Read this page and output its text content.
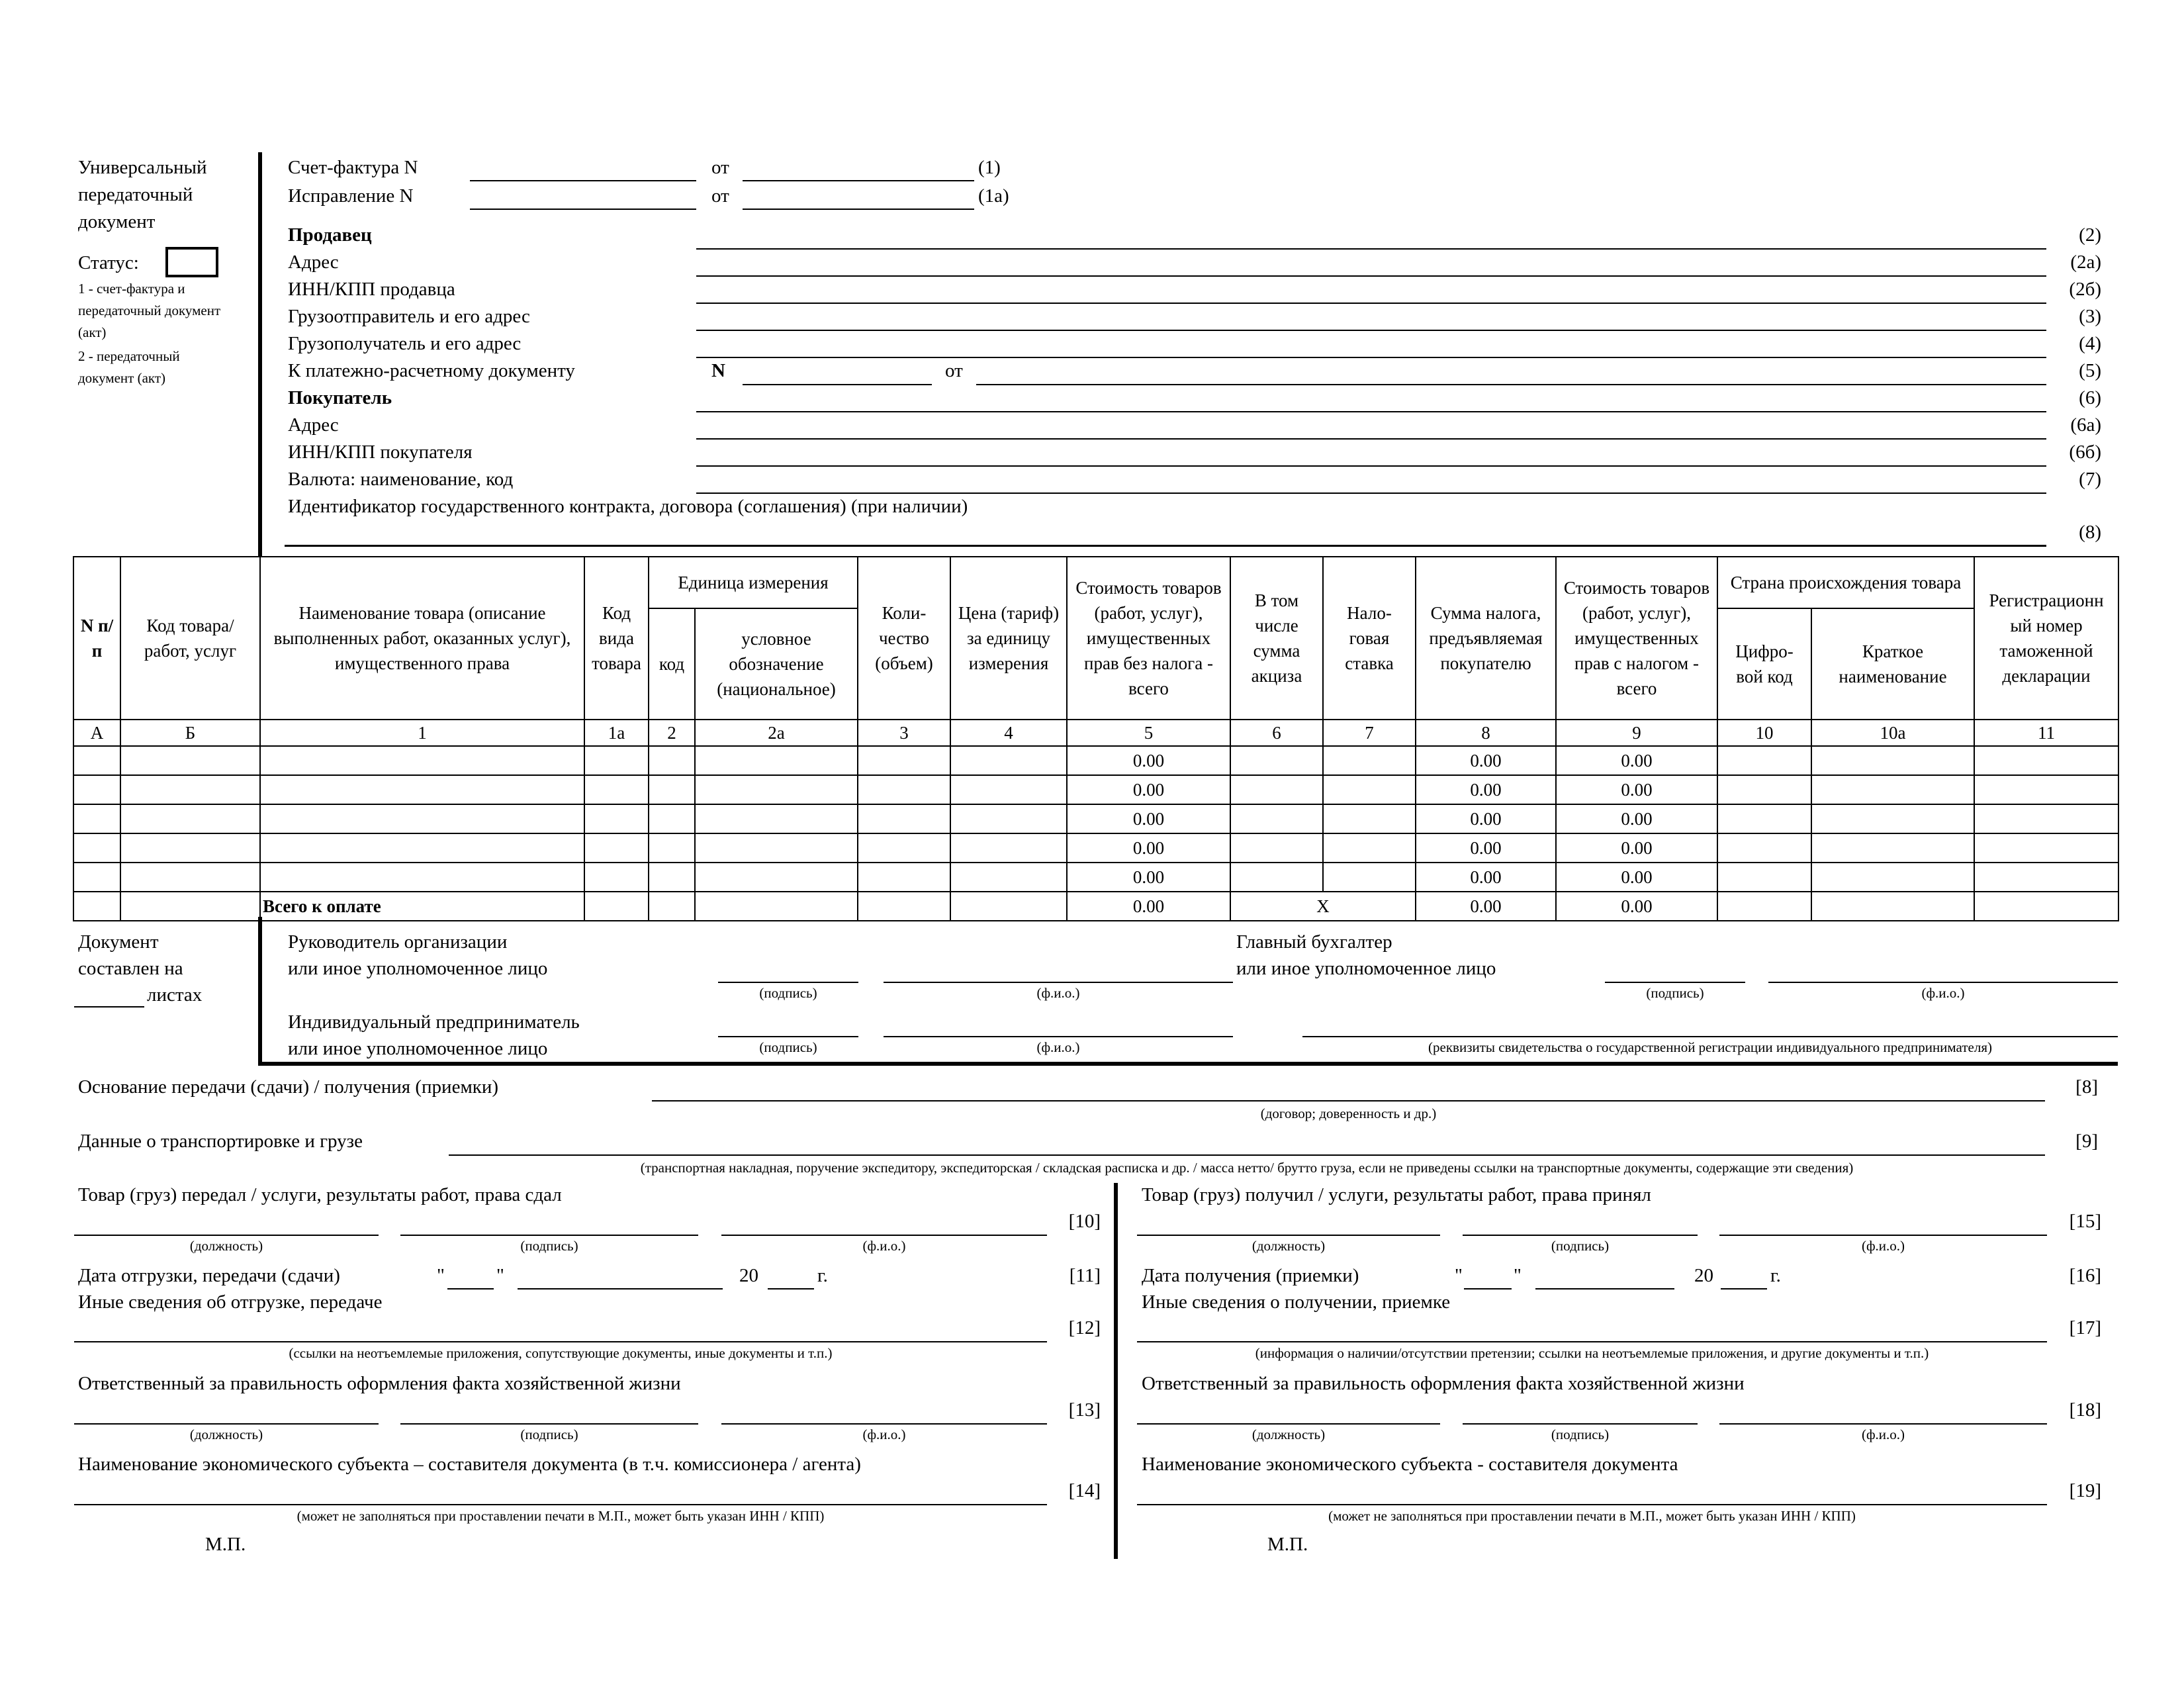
Универсальный
передаточный
документ
Статус:
1 - счет-фактура и
передаточный документ
(акт)
2 - передаточный
документ (акт)
Счет-фактура N	от	(1)
Исправление N	от	(1а)
Продавец	(2)
Адрес	(2а)
ИНН/КПП продавца	(2б)
Грузоотправитель и его адрес	(3)
Грузополучатель и его адрес	(4)
К платежно-расчетному документу	N	от	(5)
Покупатель	(6)
Адрес	(6а)
ИНН/КПП покупателя	(6б)
Валюта: наименование, код	(7)
Идентификатор государственного контракта, договора (соглашения) (при наличии)
(8)
N п/п	Код товара/ работ, услуг	Наименование товара (описание выполненных работ, оказанных услуг), имущественного права	Код вида товара	Единица измерения		Коли- чество (объем)	Цена (тариф) за единицу измерения	Стоимость товаров (работ, услуг), имущественных прав без налога - всего	В том числе сумма акциза	Нало- говая ставка	Сумма налога, предъявляемая покупателю	Стоимость товаров (работ, услуг), имущественных прав с налогом - всего	Страна происхождения товара		Регистрационн ый номер таможенной декларации
				код	условное обозначение (национальное)								Цифро- вой код	Краткое наименование	
А	Б	1	1а	2	2а	3	4	5	6	7	8	9	10	10а	11
								0.00			0.00	0.00			
								0.00			0.00	0.00			
								0.00			0.00	0.00			
								0.00			0.00	0.00			
								0.00			0.00	0.00			
		Всего к оплате						0.00	X		0.00	0.00			
Документ
составлен на
листах
Руководитель организации
или иное уполномоченное лицо
(подпись)	(ф.и.о.)
Главный бухгалтер
или иное уполномоченное лицо
(подпись)	(ф.и.о.)
Индивидуальный предприниматель
или иное уполномоченное лицо	(подпись)	(ф.и.о.)	(реквизиты свидетельства о государственной регистрации индивидуального предпринимателя)
Основание передачи (сдачи) / получения (приемки)	[8]
(договор; доверенность и др.)
Данные о транспортировке и грузе	[9]
(транспортная накладная, поручение экспедитору, экспедиторская / складская расписка и др. / масса нетто/ брутто груза, если не приведены ссылки на транспортные документы, содержащие эти сведения)
Товар (груз) передал / услуги, результаты работ, права сдал
(должность)	(подпись)	(ф.и.о.)
[10]
Дата отгрузки, передачи (сдачи)	"	"	20	г.	[11]
Иные сведения об отгрузке, передаче
[12]
(ссылки на неотъемлемые приложения, сопутствующие документы, иные документы и т.п.)
Ответственный за правильность оформления факта хозяйственной жизни
(должность)	(подпись)	(ф.и.о.)
[13]
Наименование экономического субъекта – составителя документа (в т.ч. комиссионера / агента)
[14]
(может не заполняться при проставлении печати в М.П., может быть указан ИНН / КПП)
М.П.
Товар (груз) получил / услуги, результаты работ, права принял
(должность)	(подпись)	(ф.и.о.)
[15]
Дата получения (приемки)	"	"	20	г.	[16]
Иные сведения о получении, приемке
[17]
(информация о наличии/отсутствии претензии; ссылки на неотъемлемые приложения, и другие документы и т.п.)
Ответственный за правильность оформления факта хозяйственной жизни
(должность)	(подпись)	(ф.и.о.)
[18]
Наименование экономического субъекта - составителя документа
[19]
(может не заполняться при проставлении печати в М.П., может быть указан ИНН / КПП)
М.П.
